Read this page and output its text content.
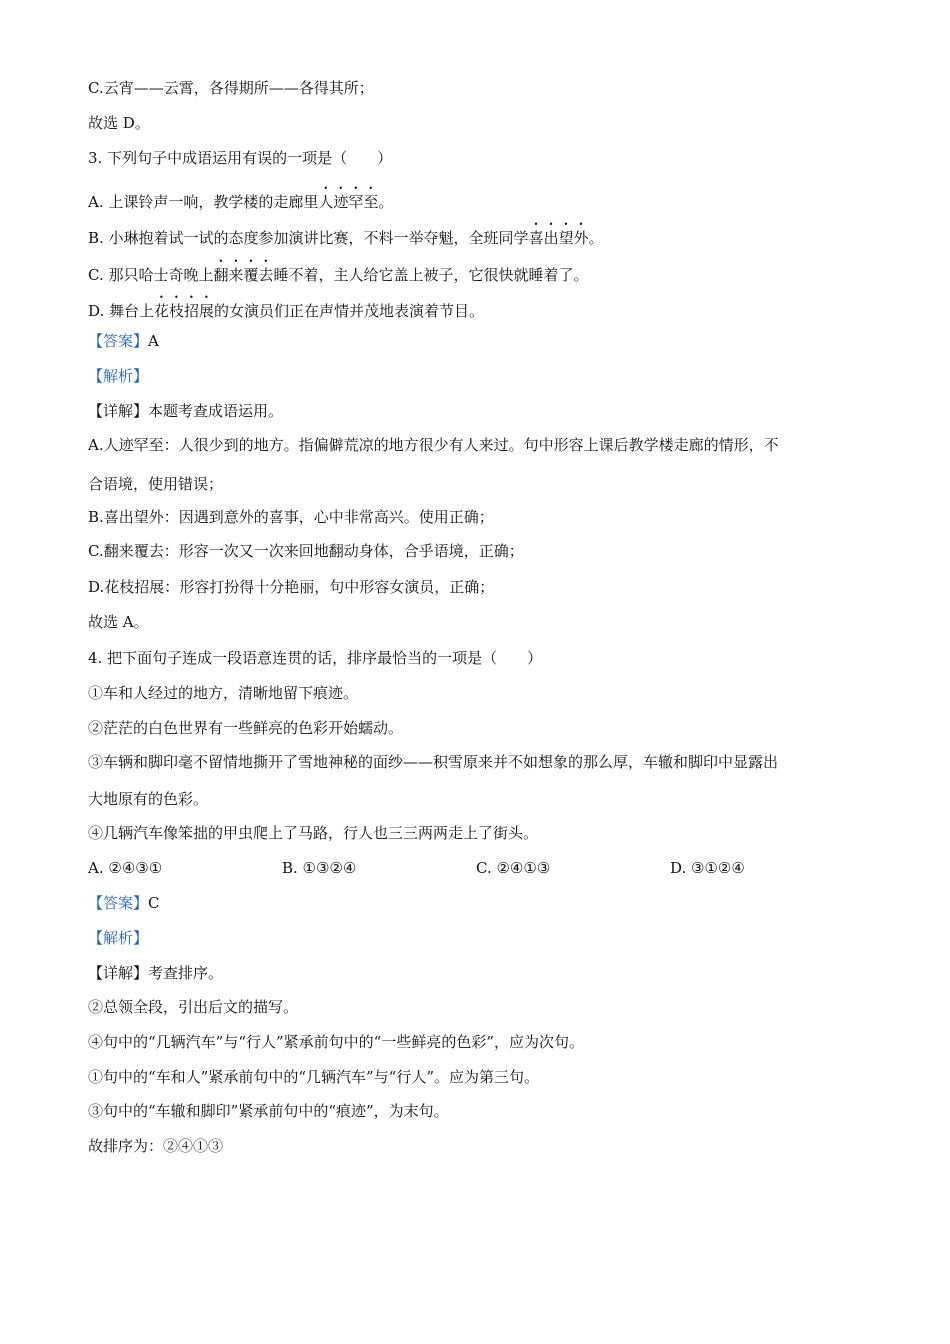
C.云宵——云霄，各得期所——各得其所；
故选 D。
3. 下列句子中成语运用有误的一项是（　　）
A. 上课铃声一响，教学楼的走廊里人迹罕至。
B. 小琳抱着试一试的态度参加演讲比赛，不料一举夺魁，全班同学喜出望外。
C. 那只哈士奇晚上翻来覆去睡不着，主人给它盖上被子，它很快就睡着了。
D. 舞台上花枝招展的女演员们正在声情并茂地表演着节目。
【答案】A
【解析】
【详解】本题考查成语运用。
A.人迹罕至：人很少到的地方。指偏僻荒凉的地方很少有人来过。句中形容上课后教学楼走廊的情形，不
合语境，使用错误；
B.喜出望外：因遇到意外的喜事，心中非常高兴。使用正确；
C.翻来覆去：形容一次又一次来回地翻动身体，合乎语境，正确；
D.花枝招展：形容打扮得十分艳丽，句中形容女演员，正确；
故选 A。
4. 把下面句子连成一段语意连贯的话，排序最恰当的一项是（　　）
①车和人经过的地方，清晰地留下痕迹。
②茫茫的白色世界有一些鲜亮的色彩开始蠕动。
③车辆和脚印毫不留情地撕开了雪地神秘的面纱——积雪原来并不如想象的那么厚，车辙和脚印中显露出
大地原有的色彩。
④几辆汽车像笨拙的甲虫爬上了马路，行人也三三两两走上了街头。
A. ②④③①	B. ①③②④	C. ②④①③	D. ③①②④
【答案】C
【解析】
【详解】考查排序。
②总领全段，引出后文的描写。
④句中的“几辆汽车”与“行人”紧承前句中的“一些鲜亮的色彩”，应为次句。
①句中的“车和人”紧承前句中的“几辆汽车”与“行人”。应为第三句。
③句中的“车辙和脚印”紧承前句中的“痕迹”，为末句。
故排序为：②④①③
